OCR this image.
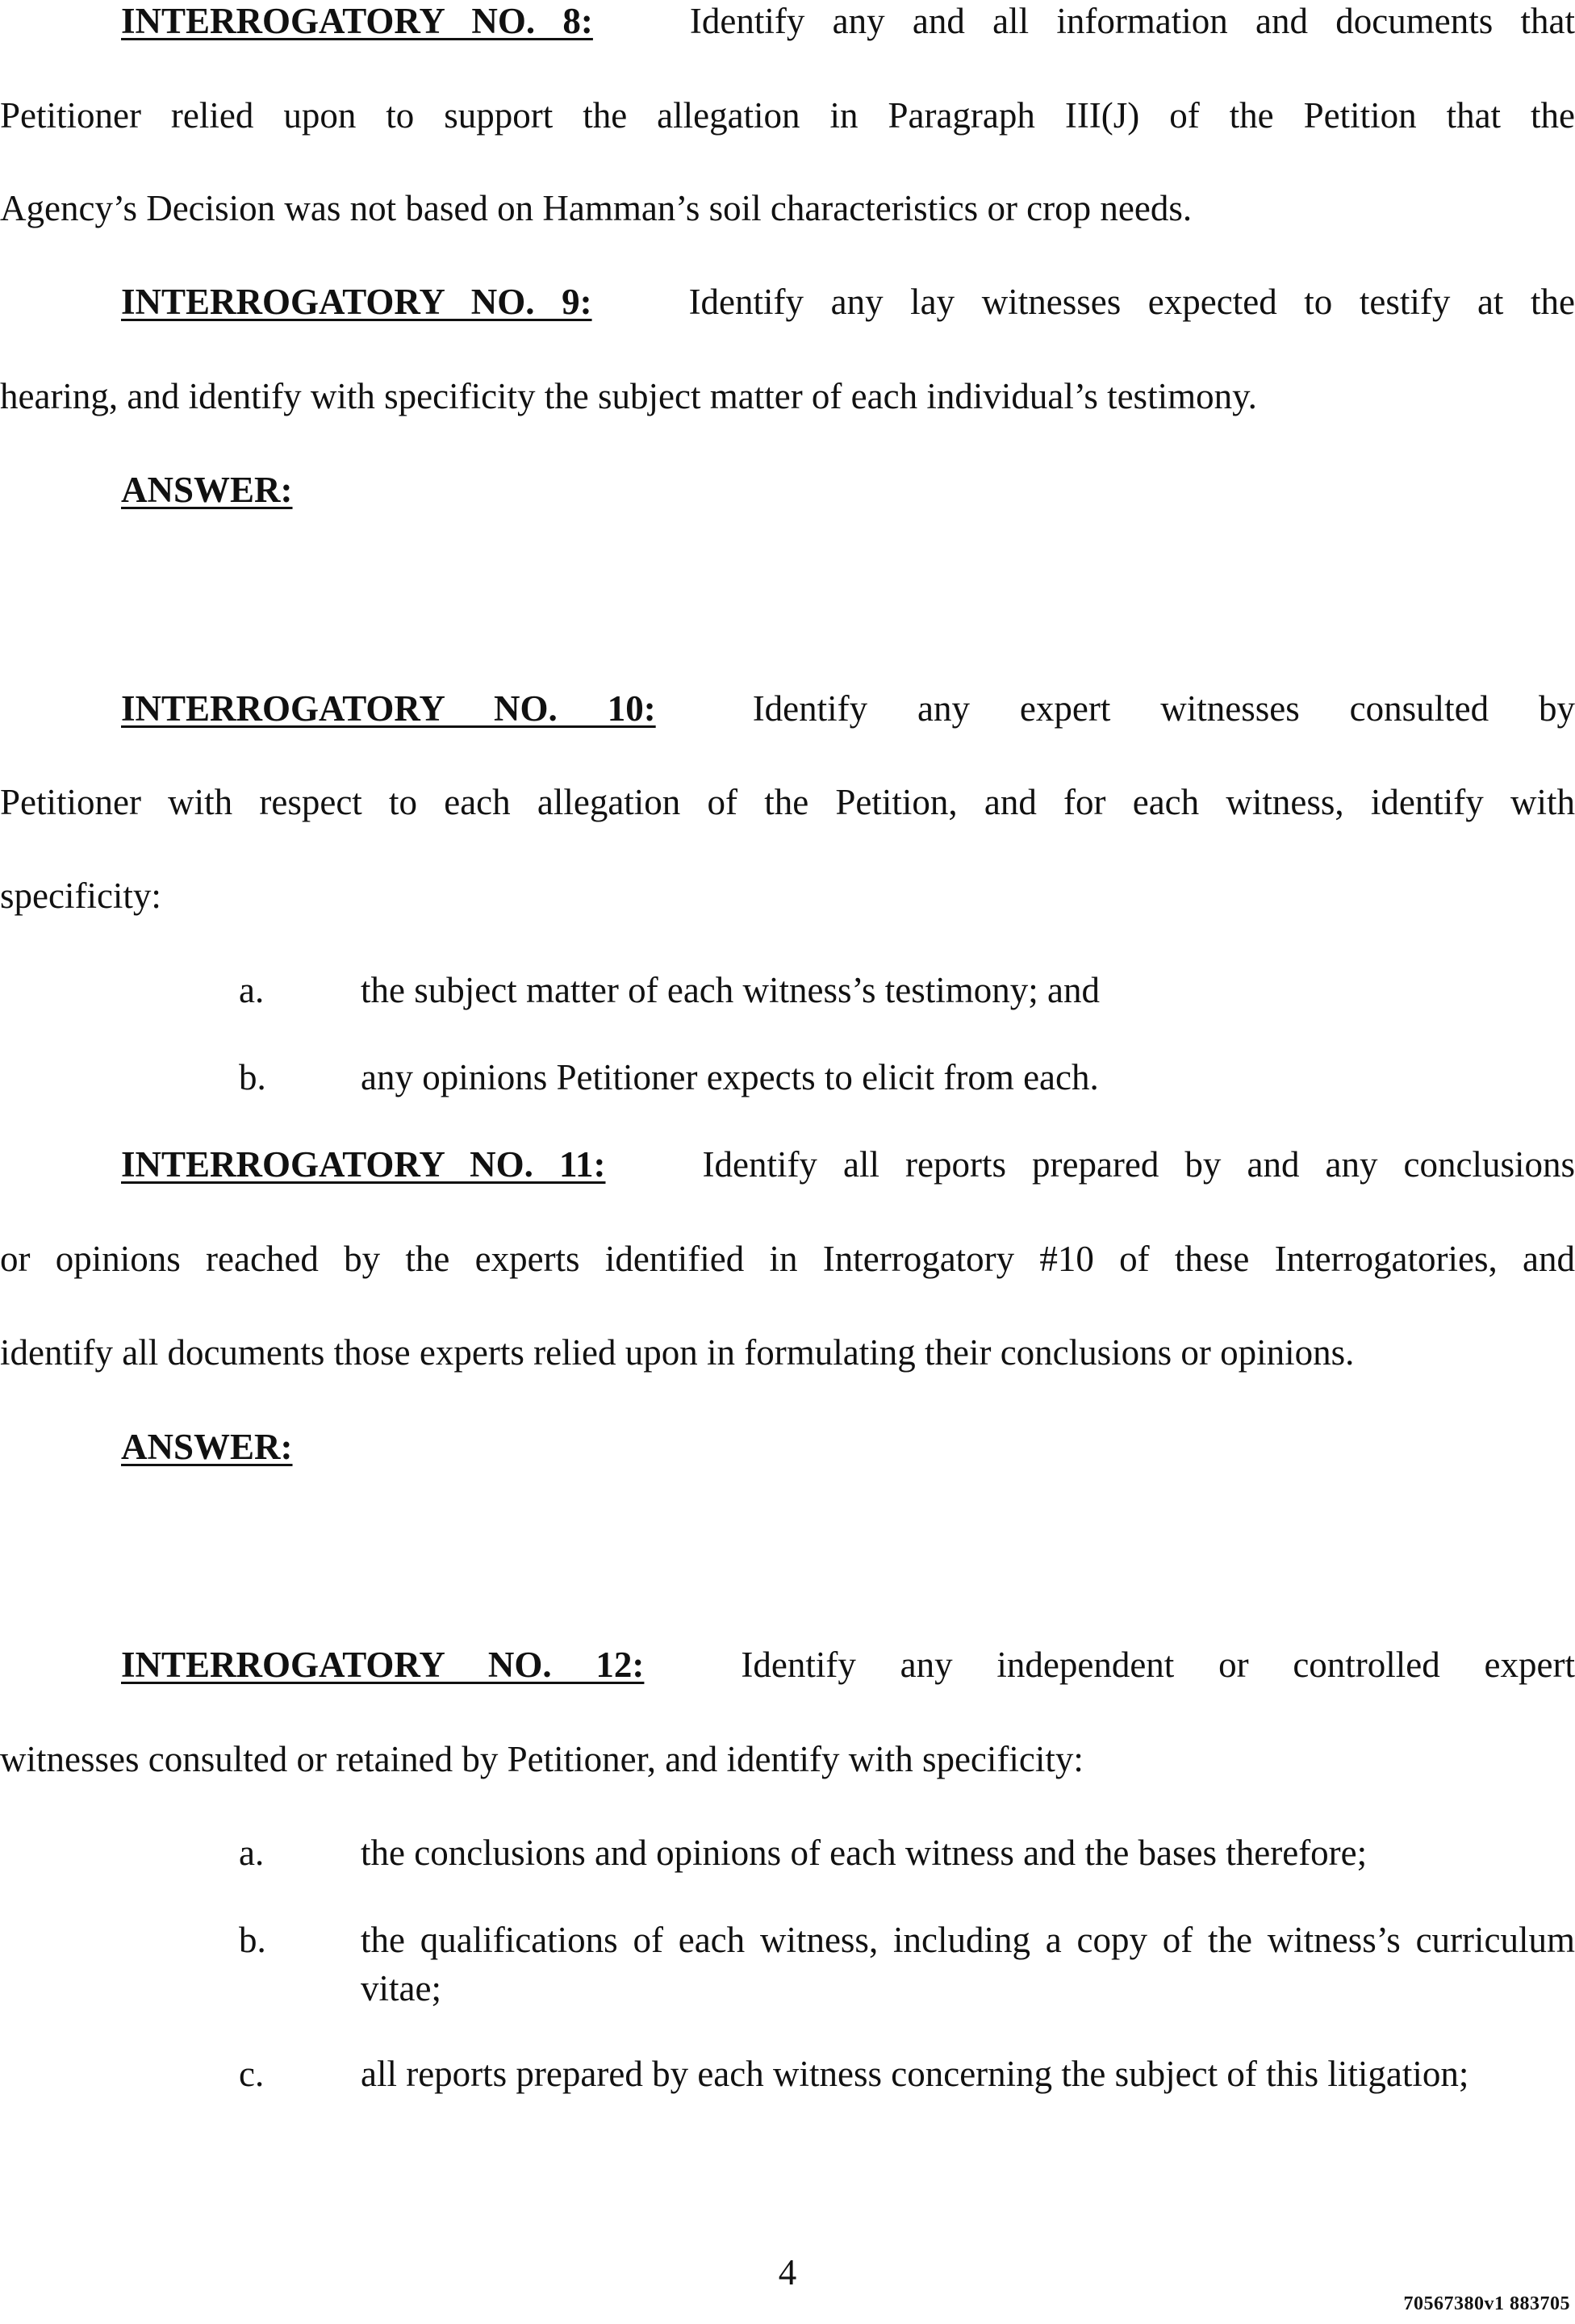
INTERROGATORY NO. 8:	Identify any and all information and documents that

Petitioner relied upon to support the allegation in Paragraph III(J) of the Petition that the

Agency’s Decision was not based on Hamman’s soil characteristics or crop needs.

INTERROGATORY NO. 9:	Identify any lay witnesses expected to testify at the

hearing, and identify with specificity the subject matter of each individual’s testimony.

ANSWER:

INTERROGATORY NO. 10:	Identify any expert witnesses consulted by

Petitioner with respect to each allegation of the Petition, and for each witness, identify with

specificity:

a.	the subject matter of each witness’s testimony; and
b.	any opinions Petitioner expects to elicit from each.

INTERROGATORY NO. 11:	Identify all reports prepared by and any conclusions

or opinions reached by the experts identified in Interrogatory #10 of these Interrogatories, and

identify all documents those experts relied upon in formulating their conclusions or opinions.

ANSWER:

INTERROGATORY NO. 12:	Identify any independent or controlled expert

witnesses consulted or retained by Petitioner, and identify with specificity:

a.	the conclusions and opinions of each witness and the bases therefore;
b.	the qualifications of each witness, including a copy of the witness’s curriculum vitae;
c.	all reports prepared by each witness concerning the subject of this litigation;
4
70567380v1 883705
